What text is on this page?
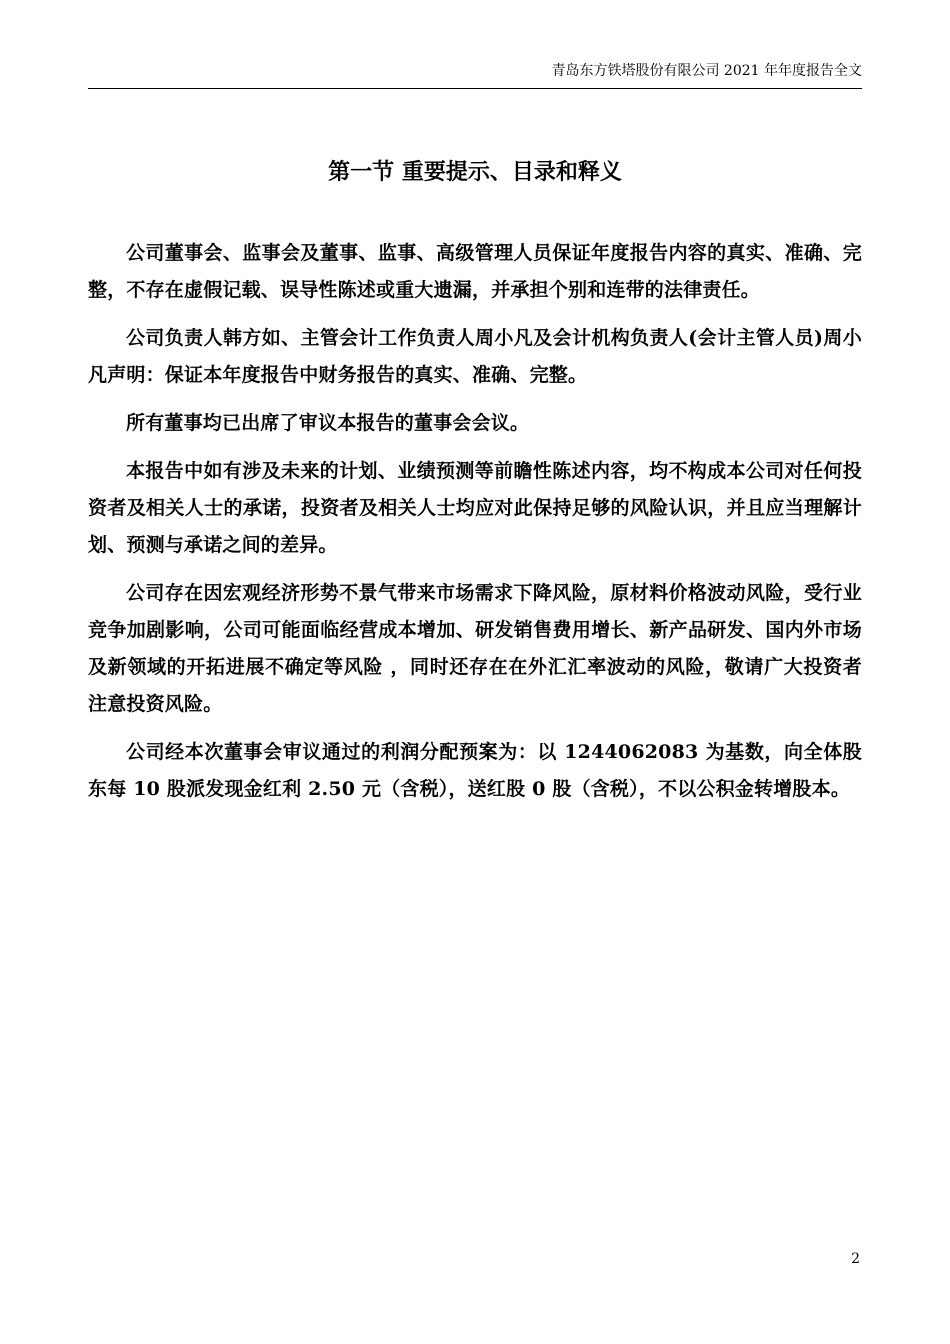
青岛东方铁塔股份有限公司 2021 年年度报告全文
第一节 重要提示、目录和释义

公司董事会、监事会及董事、监事、高级管理人员保证年度报告内容的真实、准确、完整，不存在虚假记载、误导性陈述或重大遗漏，并承担个别和连带的法律责任。

公司负责人韩方如、主管会计工作负责人周小凡及会计机构负责人(会计主管人员)周小凡声明：保证本年度报告中财务报告的真实、准确、完整。

所有董事均已出席了审议本报告的董事会会议。

本报告中如有涉及未来的计划、业绩预测等前瞻性陈述内容，均不构成本公司对任何投资者及相关人士的承诺，投资者及相关人士均应对此保持足够的风险认识，并且应当理解计划、预测与承诺之间的差异。

公司存在因宏观经济形势不景气带来市场需求下降风险，原材料价格波动风险，受行业竞争加剧影响，公司可能面临经营成本增加、研发销售费用增长、新产品研发、国内外市场及新领域的开拓进展不确定等风险 ，同时还存在在外汇汇率波动的风险，敬请广大投资者注意投资风险。

公司经本次董事会审议通过的利润分配预案为：以 1244062083 为基数，向全体股东每 10 股派发现金红利 2.50 元（含税），送红股 0 股（含税），不以公积金转增股本。

2
